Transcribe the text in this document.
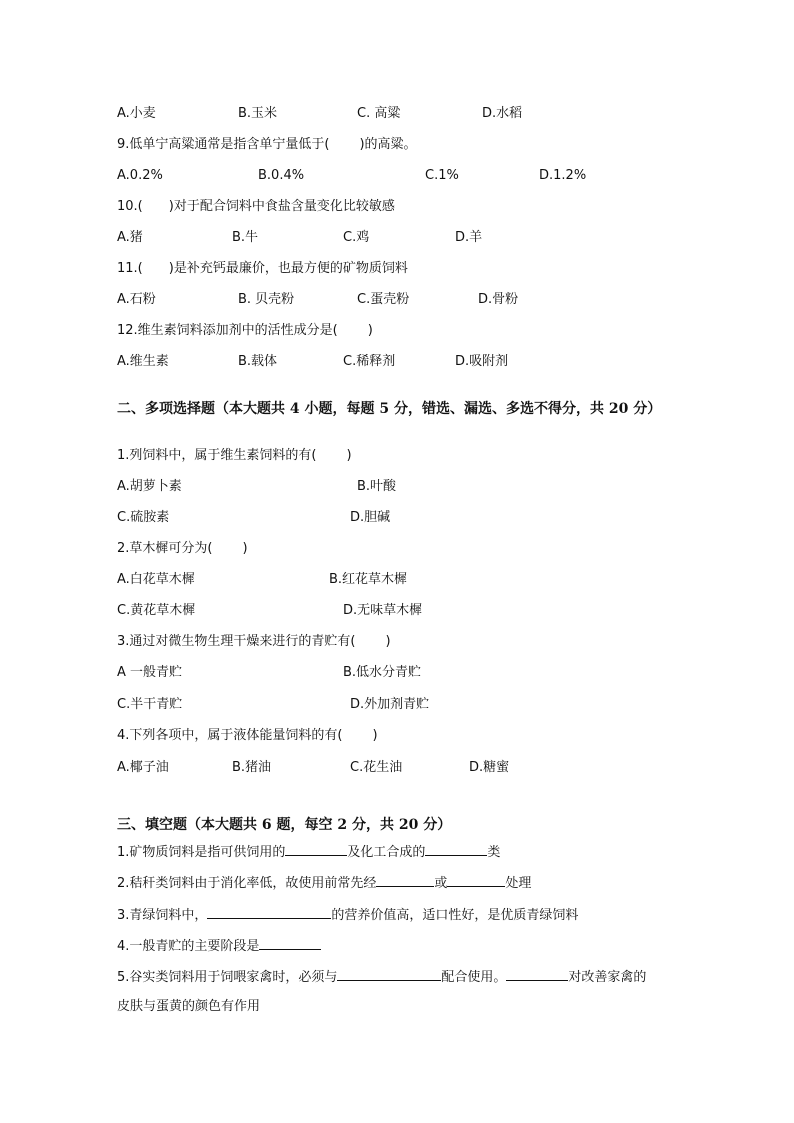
A.小麦	B.玉米	C. 高粱	D.水稻
9.低单宁高粱通常是指含单宁量低于( )的高粱。
A.0.2%	B.0.4%	C.1%	D.1.2%
10.( )对于配合饲料中食盐含量变化比较敏感
A.猪	B.牛	C.鸡	D.羊
11.( )是补充钙最廉价，也最方便的矿物质饲料
A.石粉	B. 贝壳粉	C.蛋壳粉	D.骨粉
12.维生素饲料添加剂中的活性成分是( )
A.维生素	B.载体	C.稀释剂	D.吸附剂
二、多项选择题（本大题共 4 小题，每题 5 分，错选、漏选、多选不得分，共 20 分）
1.列饲料中，属于维生素饲料的有( )
A.胡萝卜素	B.叶酸
C.硫胺素	D.胆碱
2.草木樨可分为( )
A.白花草木樨	B.红花草木樨
C.黄花草木樨	D.无味草木樨
3.通过对微生物生理干燥来进行的青贮有( )
A 一般青贮	B.低水分青贮
C.半干青贮	D.外加剂青贮
4.下列各项中，属于液体能量饲料的有( )
A.椰子油	B.猪油	C.花生油	D.糖蜜
三、填空题（本大题共 6 题，每空 2 分，共 20 分）
1.矿物质饲料是指可供饲用的	及化工合成的	类
2.秸秆类饲料由于消化率低，故使用前常先经	或	处理
3.青绿饲料中，	的营养价值高，适口性好，是优质青绿饲料
4.一般青贮的主要阶段是
5.谷实类饲料用于饲喂家禽时，必须与	配合使用。	对改善家禽的
皮肤与蛋黄的颜色有作用
